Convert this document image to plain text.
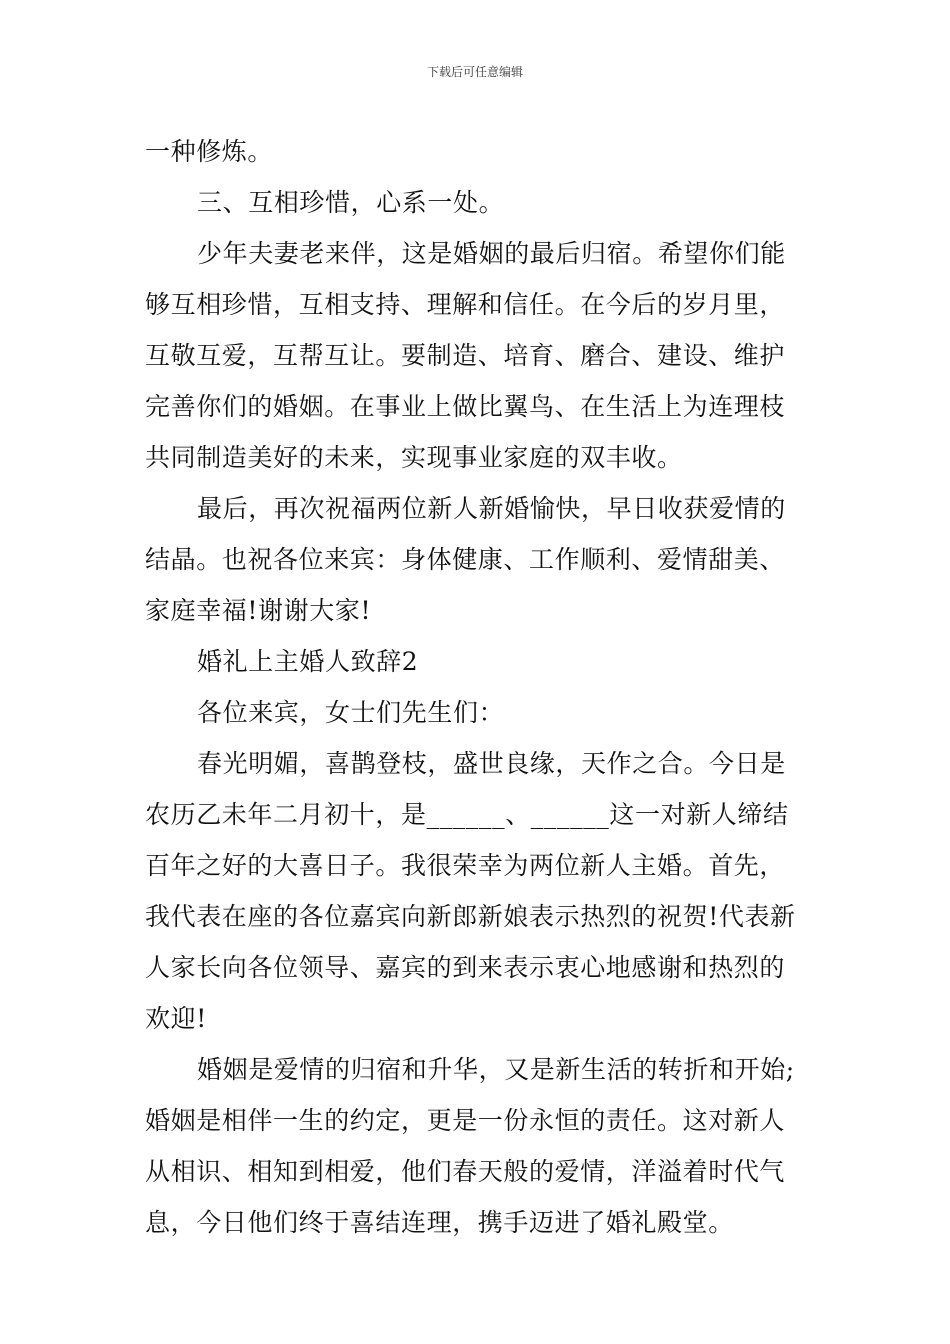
下载后可任意编辑
一种修炼。
三、互相珍惜，心系一处。
少年夫妻老来伴，这是婚姻的最后归宿。希望你们能
够互相珍惜，互相支持、理解和信任。在今后的岁月里，
互敬互爱，互帮互让。要制造、培育、磨合、建设、维护
完善你们的婚姻。在事业上做比翼鸟、在生活上为连理枝
共同制造美好的未来，实现事业家庭的双丰收。
最后，再次祝福两位新人新婚愉快，早日收获爱情的
结晶。也祝各位来宾：身体健康、工作顺利、爱情甜美、
家庭幸福!谢谢大家!
婚礼上主婚人致辞2
各位来宾，女士们先生们：
春光明媚，喜鹊登枝，盛世良缘，天作之合。今日是
农历乙未年二月初十，是______、______这一对新人缔结
百年之好的大喜日子。我很荣幸为两位新人主婚。首先，
我代表在座的各位嘉宾向新郎新娘表示热烈的祝贺!代表新
人家长向各位领导、嘉宾的到来表示衷心地感谢和热烈的
欢迎!
婚姻是爱情的归宿和升华，又是新生活的转折和开始;
婚姻是相伴一生的约定，更是一份永恒的责任。这对新人
从相识、相知到相爱，他们春天般的爱情，洋溢着时代气
息，今日他们终于喜结连理，携手迈进了婚礼殿堂。
